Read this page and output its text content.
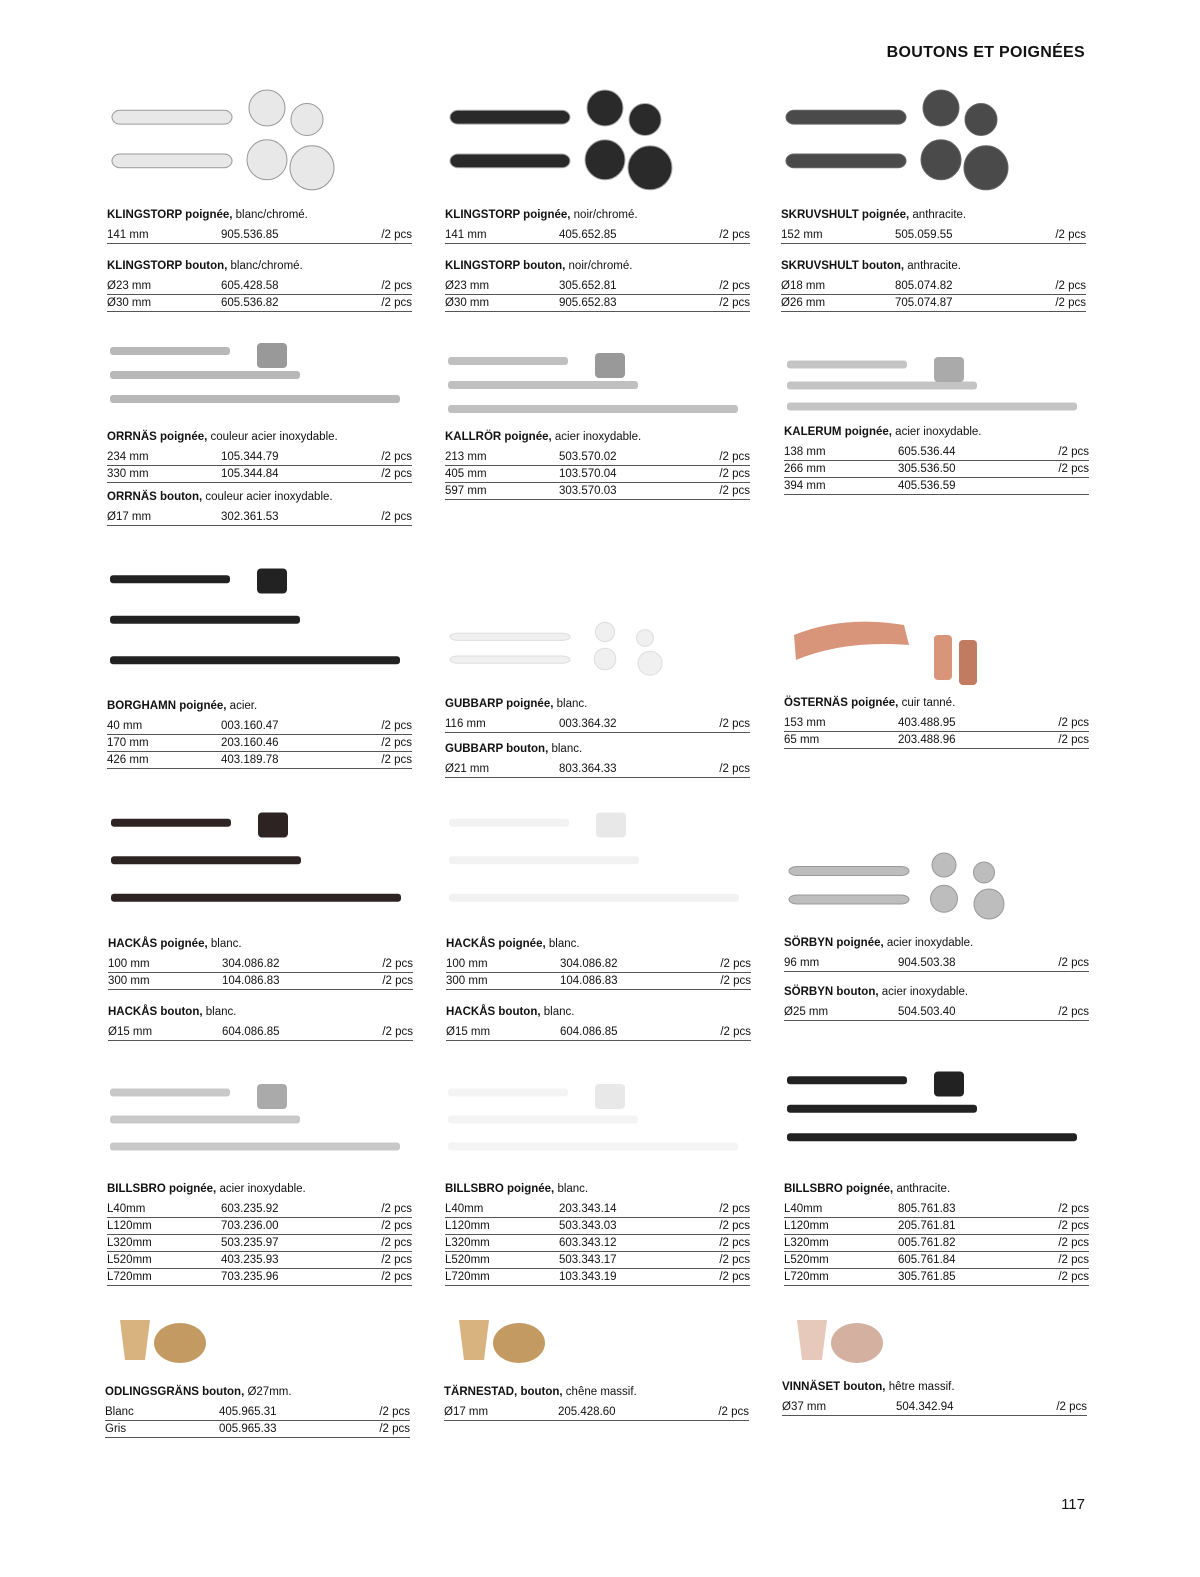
BOUTONS ET POIGNÉES
117
KLINGSTORP poignée, blanc/chromé.
141 mm	905.536.85	/2 pcs
KLINGSTORP bouton, blanc/chromé.
Ø23 mm	605.428.58	/2 pcs
Ø30 mm	605.536.82	/2 pcs
KLINGSTORP poignée, noir/chromé.
141 mm	405.652.85	/2 pcs
KLINGSTORP bouton, noir/chromé.
Ø23 mm	305.652.81	/2 pcs
Ø30 mm	905.652.83	/2 pcs
SKRUVSHULT poignée, anthracite.
152 mm	505.059.55	/2 pcs
SKRUVSHULT bouton, anthracite.
Ø18 mm	805.074.82	/2 pcs
Ø26 mm	705.074.87	/2 pcs
ORRNÄS poignée, couleur acier inoxydable.
234 mm	105.344.79	/2 pcs
330 mm	105.344.84	/2 pcs
ORRNÄS bouton, couleur acier inoxydable.
Ø17 mm	302.361.53	/2 pcs
KALLRÖR poignée, acier inoxydable.
213 mm	503.570.02	/2 pcs
405 mm	103.570.04	/2 pcs
597 mm	303.570.03	/2 pcs
KALERUM poignée, acier inoxydable.
138 mm	605.536.44	/2 pcs
266 mm	305.536.50	/2 pcs
394 mm	405.536.59
BORGHAMN poignée, acier.
40 mm	003.160.47	/2 pcs
170 mm	203.160.46	/2 pcs
426 mm	403.189.78	/2 pcs
GUBBARP poignée, blanc.
116 mm	003.364.32	/2 pcs
GUBBARP bouton, blanc.
Ø21 mm	803.364.33	/2 pcs
ÖSTERNÄS poignée, cuir tanné.
153 mm	403.488.95	/2 pcs
65 mm	203.488.96	/2 pcs
HACKÅS poignée, blanc.
100 mm	304.086.82	/2 pcs
300 mm	104.086.83	/2 pcs
HACKÅS bouton, blanc.
Ø15 mm	604.086.85	/2 pcs
HACKÅS poignée, blanc.
100 mm	304.086.82	/2 pcs
300 mm	104.086.83	/2 pcs
HACKÅS bouton, blanc.
Ø15 mm	604.086.85	/2 pcs
SÖRBYN poignée, acier inoxydable.
96 mm	904.503.38	/2 pcs
SÖRBYN bouton, acier inoxydable.
Ø25 mm	504.503.40	/2 pcs
BILLSBRO poignée, acier inoxydable.
L40mm	603.235.92	/2 pcs
L120mm	703.236.00	/2 pcs
L320mm	503.235.97	/2 pcs
L520mm	403.235.93	/2 pcs
L720mm	703.235.96	/2 pcs
BILLSBRO poignée, blanc.
L40mm	203.343.14	/2 pcs
L120mm	503.343.03	/2 pcs
L320mm	603.343.12	/2 pcs
L520mm	503.343.17	/2 pcs
L720mm	103.343.19	/2 pcs
BILLSBRO poignée, anthracite.
L40mm	805.761.83	/2 pcs
L120mm	205.761.81	/2 pcs
L320mm	005.761.82	/2 pcs
L520mm	605.761.84	/2 pcs
L720mm	305.761.85	/2 pcs
ODLINGSGRÄNS bouton, Ø27mm.
Blanc	405.965.31	/2 pcs
Gris	005.965.33	/2 pcs
TÄRNESTAD, bouton, chêne massif.
Ø17 mm	205.428.60	/2 pcs
VINNÄSET bouton, hêtre massif.
Ø37 mm	504.342.94	/2 pcs
